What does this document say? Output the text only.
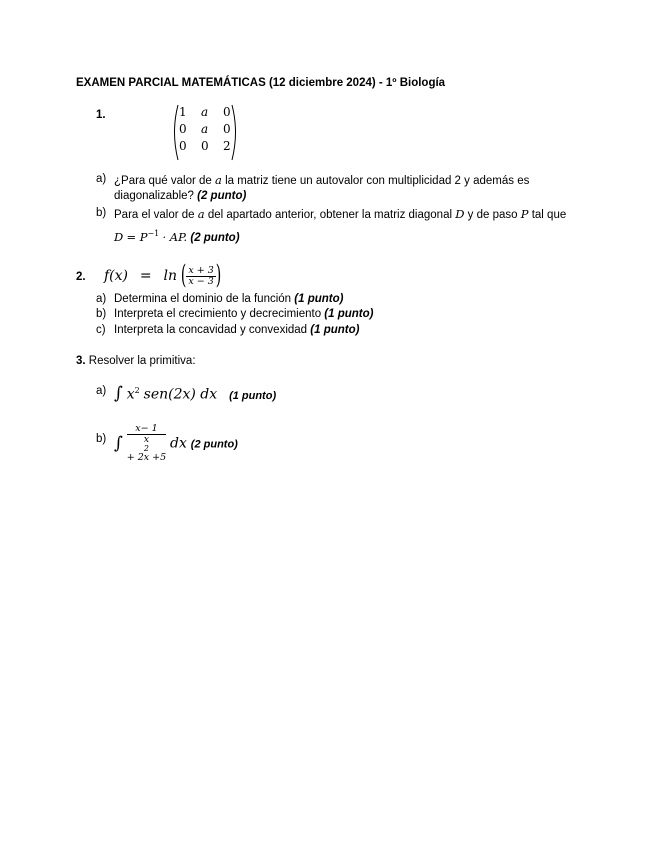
EXAMEN PARCIAL MATEMÁTICAS (12 diciembre 2024) - 1º Biología
1.	1	a	0
0	a	0
0	0	2
a) ¿Para qué valor de a la matriz tiene un autovalor con multiplicidad 2 y además es
diagonalizable? (2 punto)
b) Para el valor de a del apartado anterior, obtener la matriz diagonal D y de paso P tal que
$D = P^{-1}$ · AP. (2 punto)
2. f(x) = ln ( $\frac{x + 3}{x - 3}$ )
a) Determina el dominio de la función (1 punto)
b) Interpreta el crecimiento y decrecimiento (1 punto)
c) Interpreta la concavidad y convexidad (1 punto)
3. Resolver la primitiva:
a) ∫ $x^2$ sen(2x) dx (1 punto)
b) ∫ x− 1
x
2
+ 2x +5 dx (2 punto)
